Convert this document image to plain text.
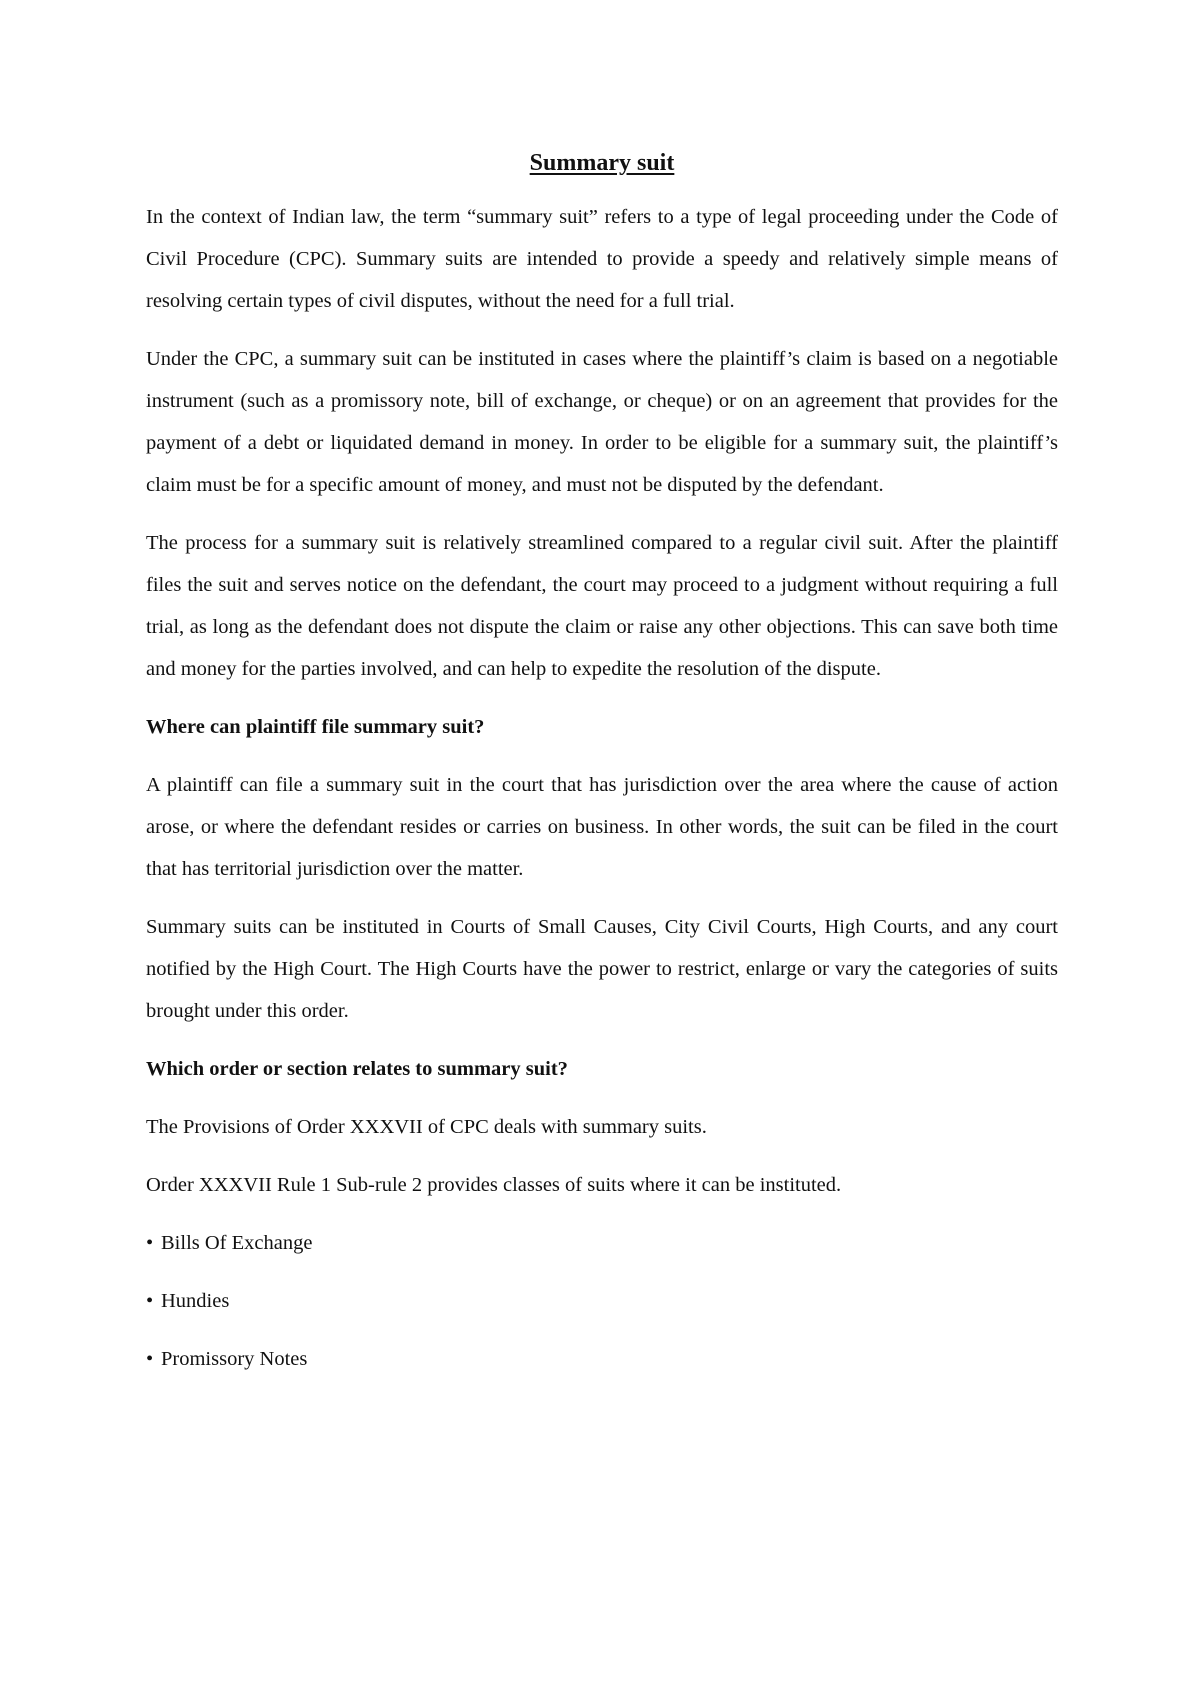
Summary suit

In the context of Indian law, the term “summary suit” refers to a type of legal proceeding under the Code of Civil Procedure (CPC). Summary suits are intended to provide a speedy and relatively simple means of resolving certain types of civil disputes, without the need for a full trial.

Under the CPC, a summary suit can be instituted in cases where the plaintiff’s claim is based on a negotiable instrument (such as a promissory note, bill of exchange, or cheque) or on an agreement that provides for the payment of a debt or liquidated demand in money. In order to be eligible for a summary suit, the plaintiff’s claim must be for a specific amount of money, and must not be disputed by the defendant.

The process for a summary suit is relatively streamlined compared to a regular civil suit. After the plaintiff files the suit and serves notice on the defendant, the court may proceed to a judgment without requiring a full trial, as long as the defendant does not dispute the claim or raise any other objections. This can save both time and money for the parties involved, and can help to expedite the resolution of the dispute.

Where can plaintiff file summary suit?

A plaintiff can file a summary suit in the court that has jurisdiction over the area where the cause of action arose, or where the defendant resides or carries on business. In other words, the suit can be filed in the court that has territorial jurisdiction over the matter.

Summary suits can be instituted in Courts of Small Causes, City Civil Courts, High Courts, and any court notified by the High Court. The High Courts have the power to restrict, enlarge or vary the categories of suits brought under this order.

Which order or section relates to summary suit?

The Provisions of Order XXXVII of CPC deals with summary suits.

Order XXXVII Rule 1 Sub-rule 2 provides classes of suits where it can be instituted.

• Bills Of Exchange
• Hundies
• Promissory Notes
